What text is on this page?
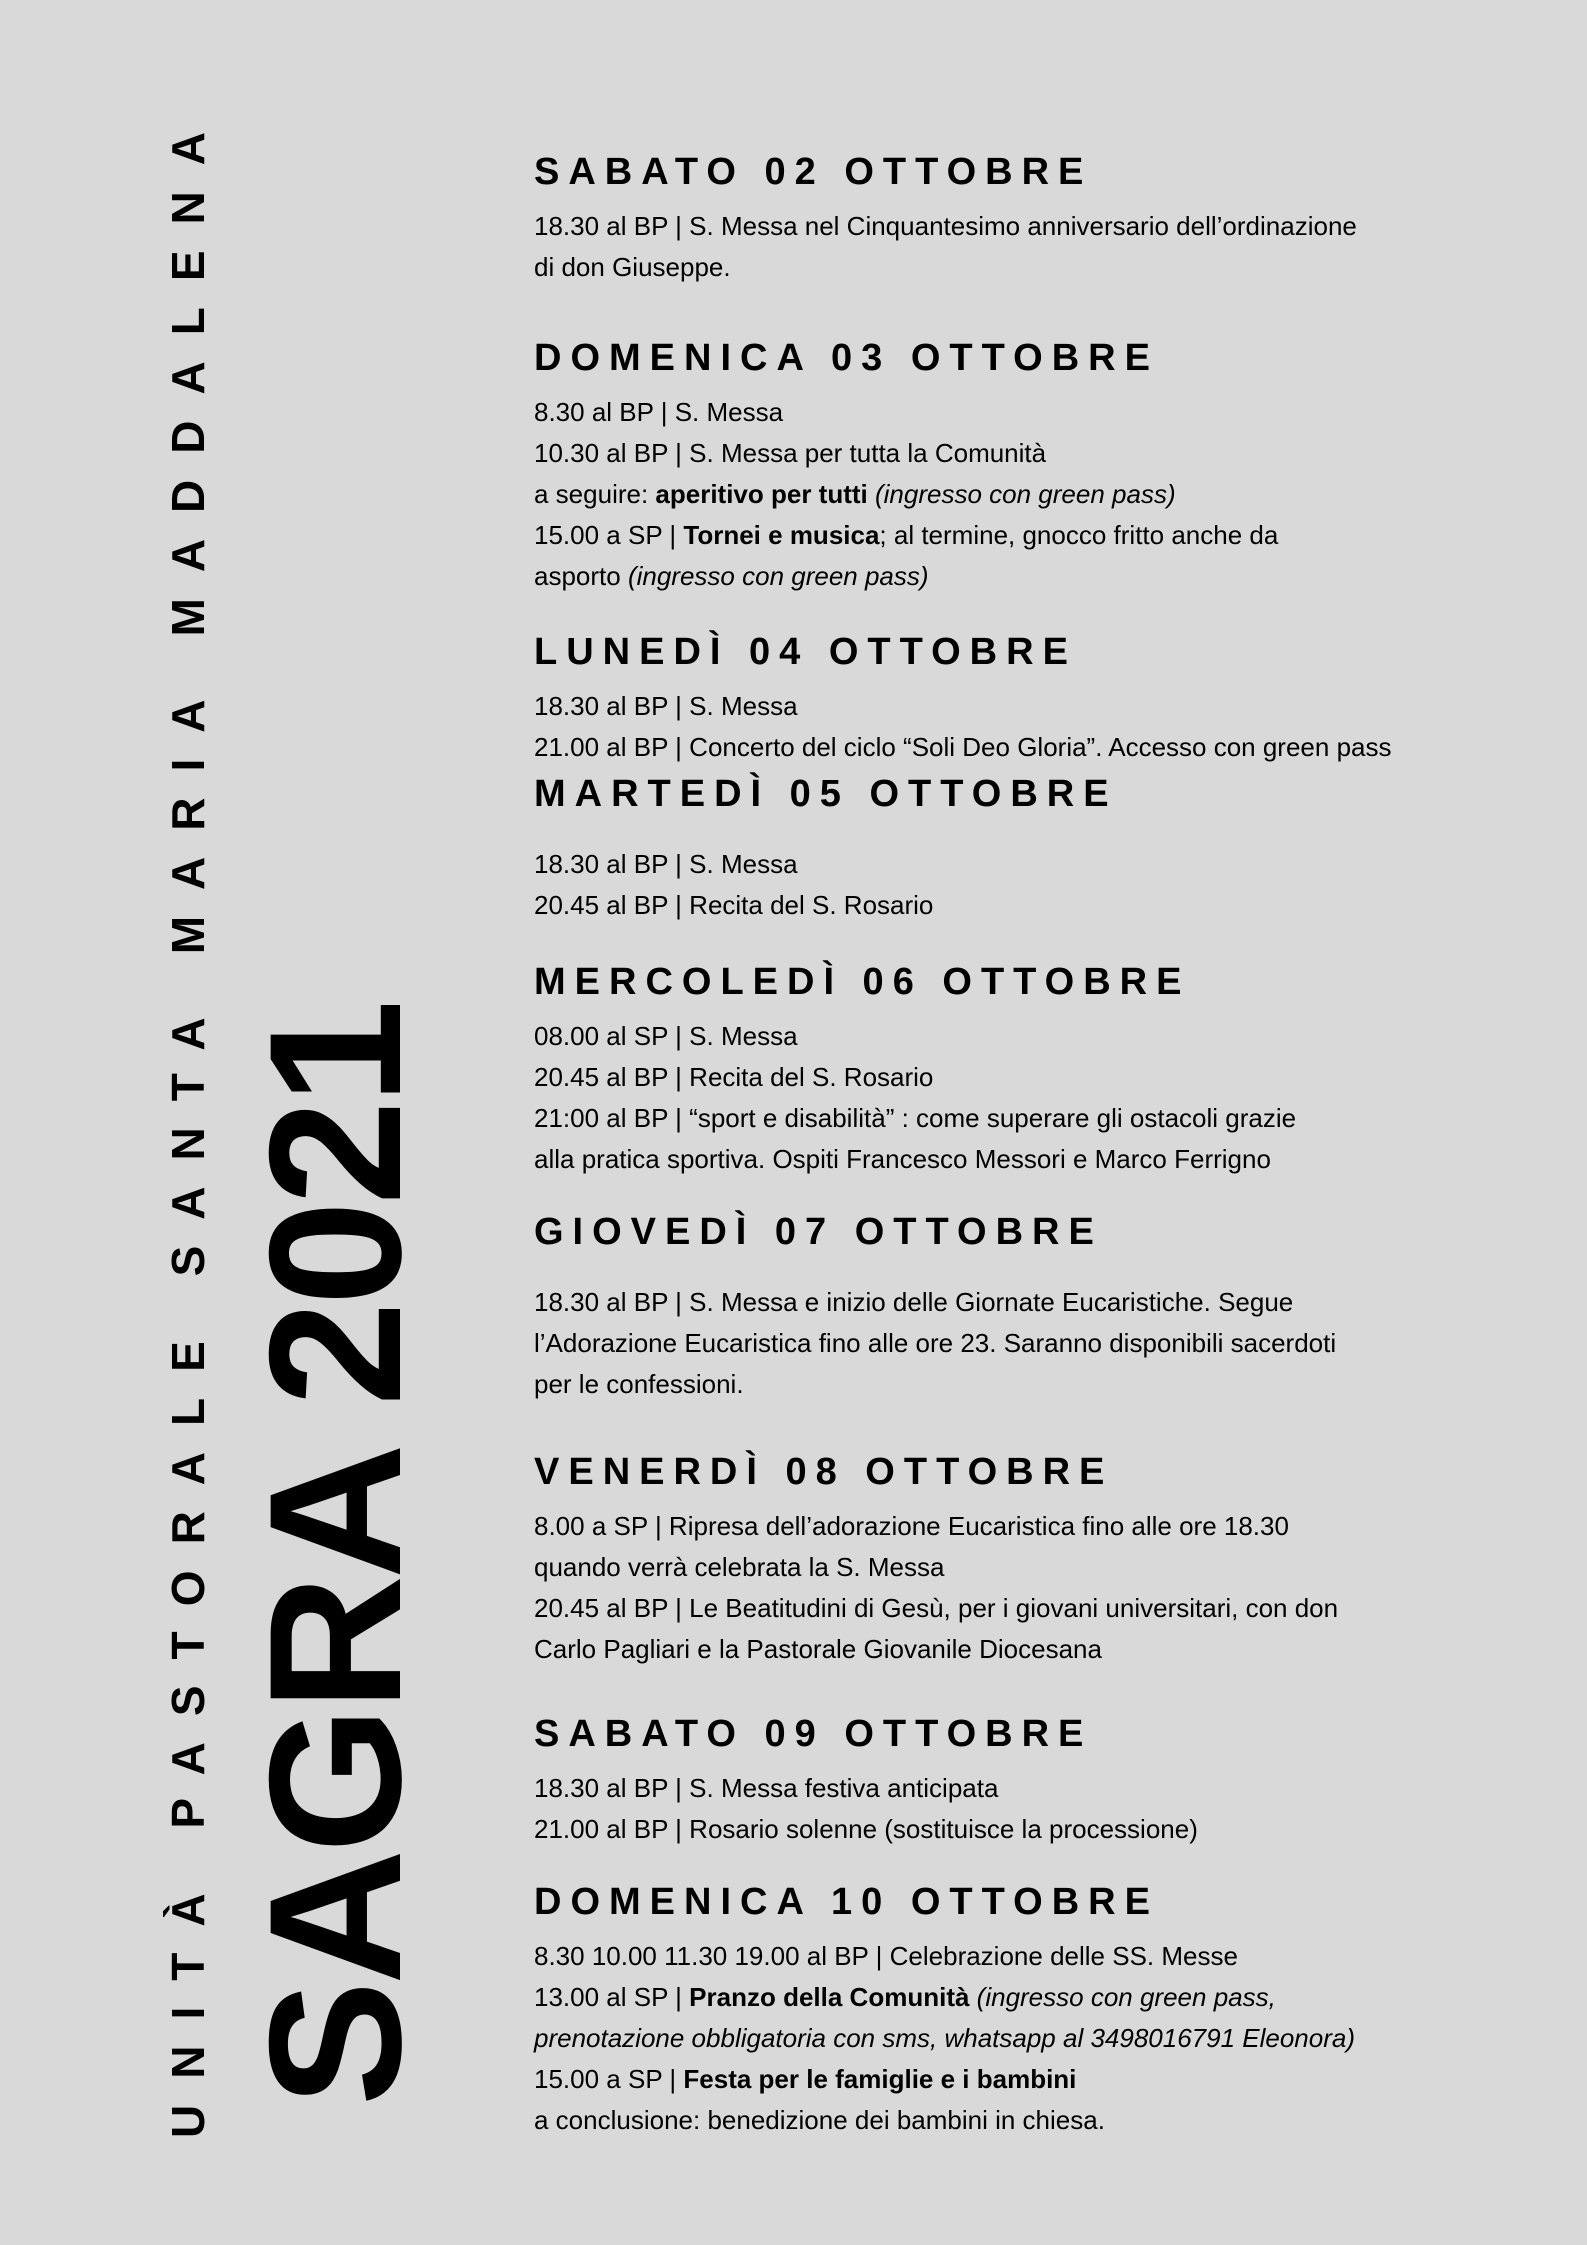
UNITÀ PASTORALE SANTA MARIA MADDALENA SAGRA 2021
SABATO 02 OTTOBRE
18.30 al BP | S. Messa nel Cinquantesimo anniversario dell’ordinazione
di don Giuseppe.
DOMENICA 03 OTTOBRE
8.30 al BP | S. Messa
10.30 al BP | S. Messa per tutta la Comunità
a seguire: aperitivo per tutti (ingresso con green pass)
15.00 a SP | Tornei e musica; al termine, gnocco fritto anche da
asporto (ingresso con green pass)
LUNEDÌ 04 OTTOBRE
18.30 al BP | S. Messa
21.00 al BP | Concerto del ciclo “Soli Deo Gloria”. Accesso con green pass
MARTEDÌ 05 OTTOBRE
18.30 al BP | S. Messa
20.45 al BP | Recita del S. Rosario
MERCOLEDÌ 06 OTTOBRE
08.00 al SP | S. Messa
20.45 al BP | Recita del S. Rosario
21:00 al BP | “sport e disabilità” : come superare gli ostacoli grazie
alla pratica sportiva. Ospiti Francesco Messori e Marco Ferrigno
GIOVEDÌ 07 OTTOBRE
18.30 al BP | S. Messa e inizio delle Giornate Eucaristiche. Segue
l’Adorazione Eucaristica fino alle ore 23. Saranno disponibili sacerdoti
per le confessioni.
VENERDÌ 08 OTTOBRE
8.00 a SP | Ripresa dell’adorazione Eucaristica fino alle ore 18.30
quando verrà celebrata la S. Messa
20.45 al BP | Le Beatitudini di Gesù, per i giovani universitari, con don
Carlo Pagliari e la Pastorale Giovanile Diocesana
SABATO 09 OTTOBRE
18.30 al BP | S. Messa festiva anticipata
21.00 al BP | Rosario solenne (sostituisce la processione)
DOMENICA 10 OTTOBRE
8.30 10.00 11.30 19.00 al BP | Celebrazione delle SS. Messe
13.00 al SP | Pranzo della Comunità (ingresso con green pass,
prenotazione obbligatoria con sms, whatsapp al 3498016791 Eleonora)
15.00 a SP | Festa per le famiglie e i bambini
a conclusione: benedizione dei bambini in chiesa.
